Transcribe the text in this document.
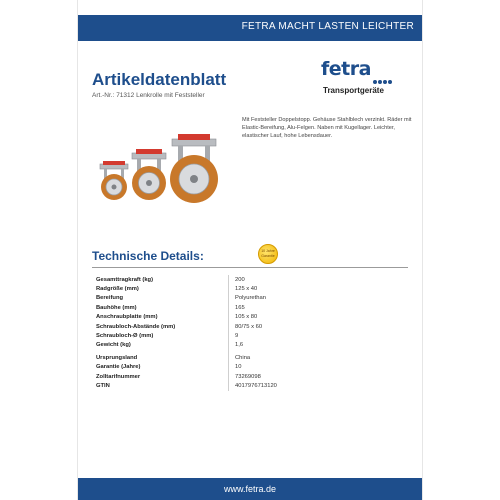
FETRA MACHT LASTEN LEICHTER
Artikeldatenblatt
Art.-Nr.: 71312 Lenkrolle mit Feststeller
fetra
Transportgeräte
Mit Feststeller Doppelstopp. Gehäuse Stahlblech verzinkt. Räder mit Elastic-Bereifung, Alu-Felgen. Naben mit Kugellager. Leichter, elastischer Lauf, hohe Lebensdauer.
Technische Details:	10 Jahre Garantie
Gesamttragkraft (kg)	200
Radgröße (mm)	125 x 40
Bereifung	Polyurethan
Bauhöhe (mm)	165
Anschraubplatte (mm)	105 x 80
Schraubloch-Abstände (mm)	80/75 x 60
Schraubloch-Ø (mm)	9
Gewicht (kg)	1,6

Ursprungsland	China
Garantie (Jahre)	10
Zolltarifnummer	73269098
GTIN	4017976713120
www.fetra.de
